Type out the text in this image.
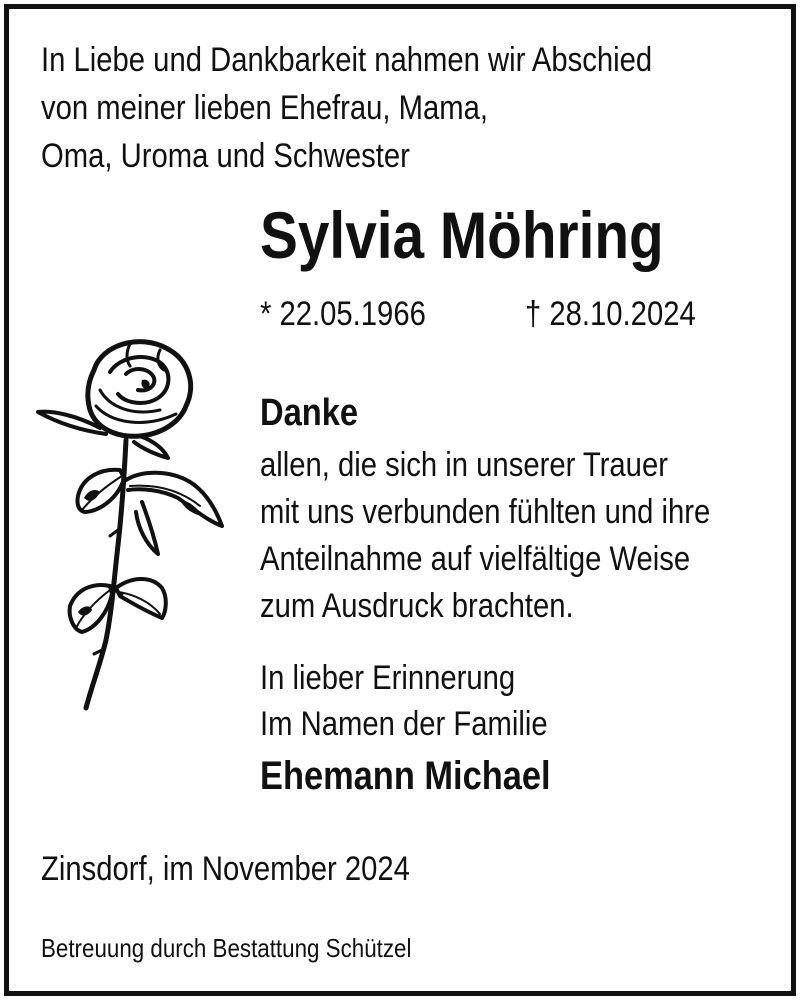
In Liebe und Dankbarkeit nahmen wir Abschied
von meiner lieben Ehefrau, Mama,
Oma, Uroma und Schwester
Sylvia Möhring
* 22.05.1966	† 28.10.2024
Danke
allen, die sich in unserer Trauer
mit uns verbunden fühlten und ihre
Anteilnahme auf vielfältige Weise
zum Ausdruck brachten.
In lieber Erinnerung
Im Namen der Familie
Ehemann Michael
Zinsdorf, im November 2024
Betreuung durch Bestattung Schützel
